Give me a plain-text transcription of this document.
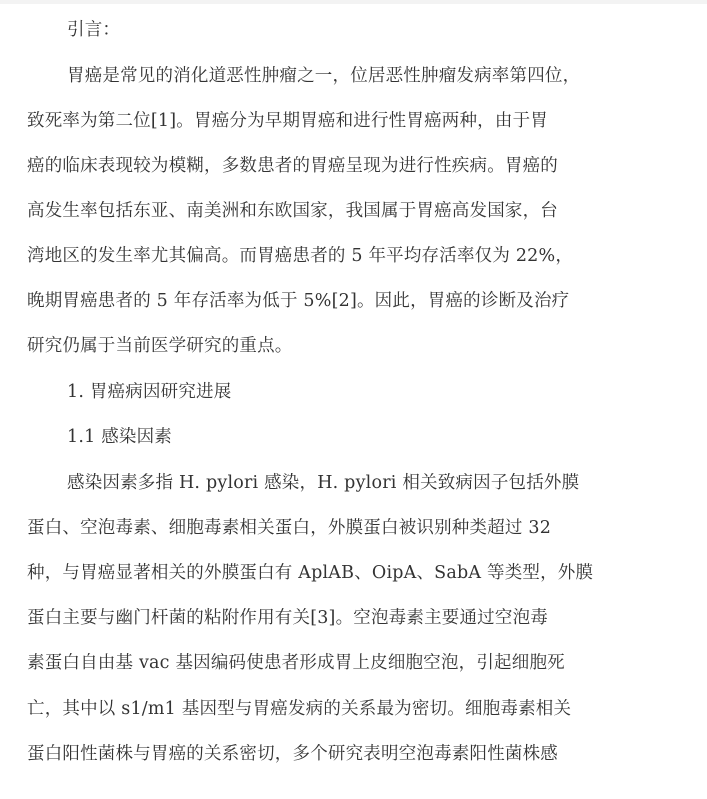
引言：
胃癌是常见的消化道恶性肿瘤之一，位居恶性肿瘤发病率第四位，
致死率为第二位[1]。胃癌分为早期胃癌和进行性胃癌两种，由于胃
癌的临床表现较为模糊，多数患者的胃癌呈现为进行性疾病。胃癌的
高发生率包括东亚、南美洲和东欧国家，我国属于胃癌高发国家，台
湾地区的发生率尤其偏高。而胃癌患者的 5 年平均存活率仅为 22%，
晚期胃癌患者的 5 年存活率为低于 5%[2]。因此，胃癌的诊断及治疗
研究仍属于当前医学研究的重点。
1. 胃癌病因研究进展
1.1 感染因素
感染因素多指 H. pylori 感染，H. pylori 相关致病因子包括外膜
蛋白、空泡毒素、细胞毒素相关蛋白，外膜蛋白被识别种类超过 32
种，与胃癌显著相关的外膜蛋白有 AplAB、OipA、SabA 等类型，外膜
蛋白主要与幽门杆菌的粘附作用有关[3]。空泡毒素主要通过空泡毒
素蛋白自由基 vac 基因编码使患者形成胃上皮细胞空泡，引起细胞死
亡，其中以 s1/m1 基因型与胃癌发病的关系最为密切。细胞毒素相关
蛋白阳性菌株与胃癌的关系密切，多个研究表明空泡毒素阳性菌株感
